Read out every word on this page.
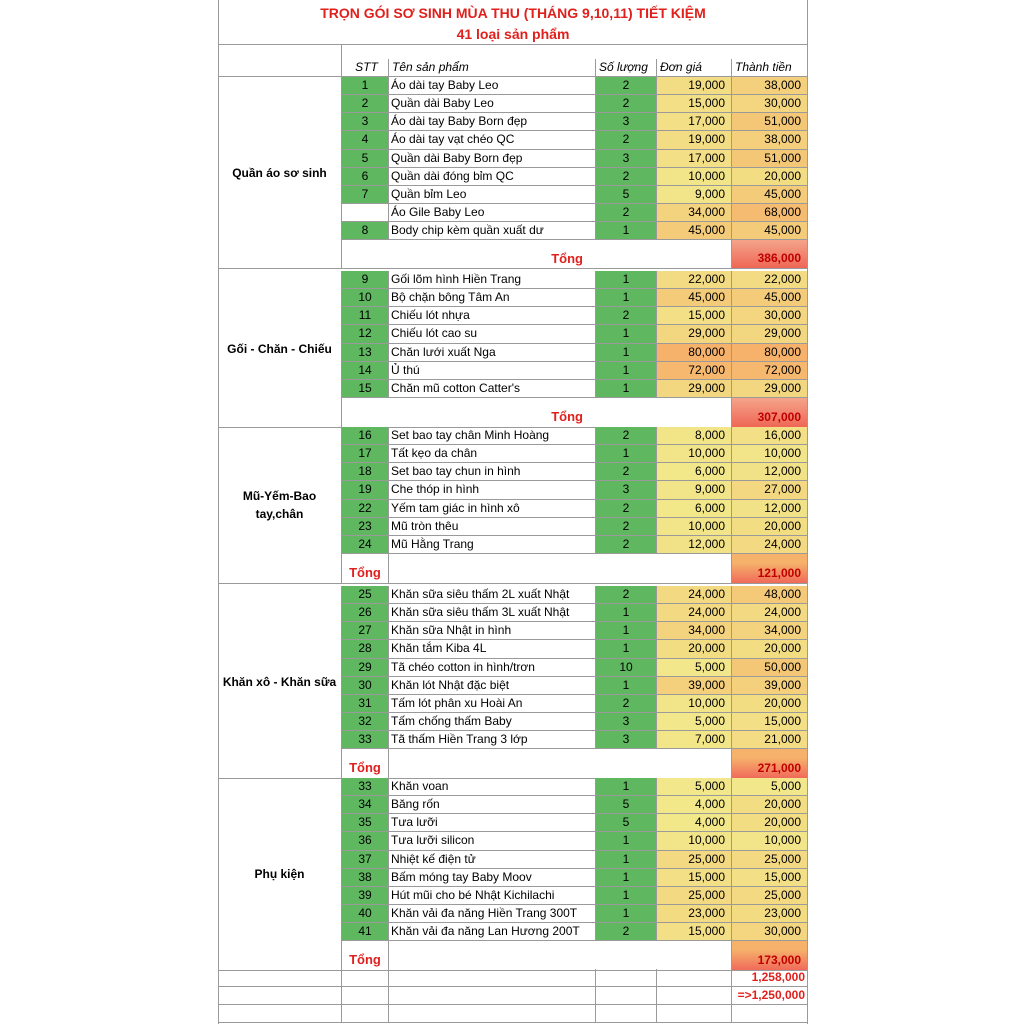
TRỌN GÓI SƠ SINH MÙA THU (THÁNG 9,10,11) TIẾT KIỆM
41 loại sản phẩm
STT	Tên sản phẩm	Số lượng	Đơn giá	Thành tiền
Quần áo sơ sinh
1	Áo dài tay Baby Leo	2	19,000	38,000
2	Quần dài Baby Leo	2	15,000	30,000
3	Áo dài tay Baby Born đẹp	3	17,000	51,000
4	Áo dài tay vạt chéo QC	2	19,000	38,000
5	Quần dài Baby Born đẹp	3	17,000	51,000
6	Quần dài đóng bỉm QC	2	10,000	20,000
7	Quần bỉm Leo	5	9,000	45,000
Áo Gile Baby Leo	2	34,000	68,000
8	Body chip kèm quần xuất dư	1	45,000	45,000
Tổng	386,000
Gối - Chăn - Chiếu
9	Gối lõm hình Hiền Trang	1	22,000	22,000
10	Bộ chặn bông Tâm An	1	45,000	45,000
11	Chiếu lót nhựa	2	15,000	30,000
12	Chiếu lót cao su	1	29,000	29,000
13	Chăn lưới xuất Nga	1	80,000	80,000
14	Ủ thú	1	72,000	72,000
15	Chăn mũ cotton Catter's	1	29,000	29,000
Tổng	307,000
Mũ-Yếm-Bao tay,chân
16	Set bao tay chân Minh Hoàng	2	8,000	16,000
17	Tất kẹo da chân	1	10,000	10,000
18	Set bao tay chun in hình	2	6,000	12,000
19	Che thóp in hình	3	9,000	27,000
22	Yếm tam giác in hình xô	2	6,000	12,000
23	Mũ tròn thêu	2	10,000	20,000
24	Mũ Hằng Trang	2	12,000	24,000
Tổng	121,000
Khăn xô - Khăn sữa
25	Khăn sữa siêu thấm 2L xuất Nhật	2	24,000	48,000
26	Khăn sữa siêu thấm 3L xuất Nhật	1	24,000	24,000
27	Khăn sữa Nhật in hình	1	34,000	34,000
28	Khăn tắm Kiba 4L	1	20,000	20,000
29	Tã chéo cotton in hình/trơn	10	5,000	50,000
30	Khăn lót Nhật đặc biệt	1	39,000	39,000
31	Tấm lót phân xu Hoài An	2	10,000	20,000
32	Tấm chống thấm Baby	3	5,000	15,000
33	Tã thấm Hiền Trang 3 lớp	3	7,000	21,000
Tổng	271,000
Phụ kiện
33	Khăn voan	1	5,000	5,000
34	Băng rốn	5	4,000	20,000
35	Tưa lưỡi	5	4,000	20,000
36	Tưa lưỡi silicon	1	10,000	10,000
37	Nhiệt kế điện tử	1	25,000	25,000
38	Bấm móng tay Baby Moov	1	15,000	15,000
39	Hút mũi cho bé Nhật Kichilachi	1	25,000	25,000
40	Khăn vải đa năng Hiền Trang 300T	1	23,000	23,000
41	Khăn vải đa năng Lan Hương 200T	2	15,000	30,000
Tổng	173,000
1,258,000
=>1,250,000
